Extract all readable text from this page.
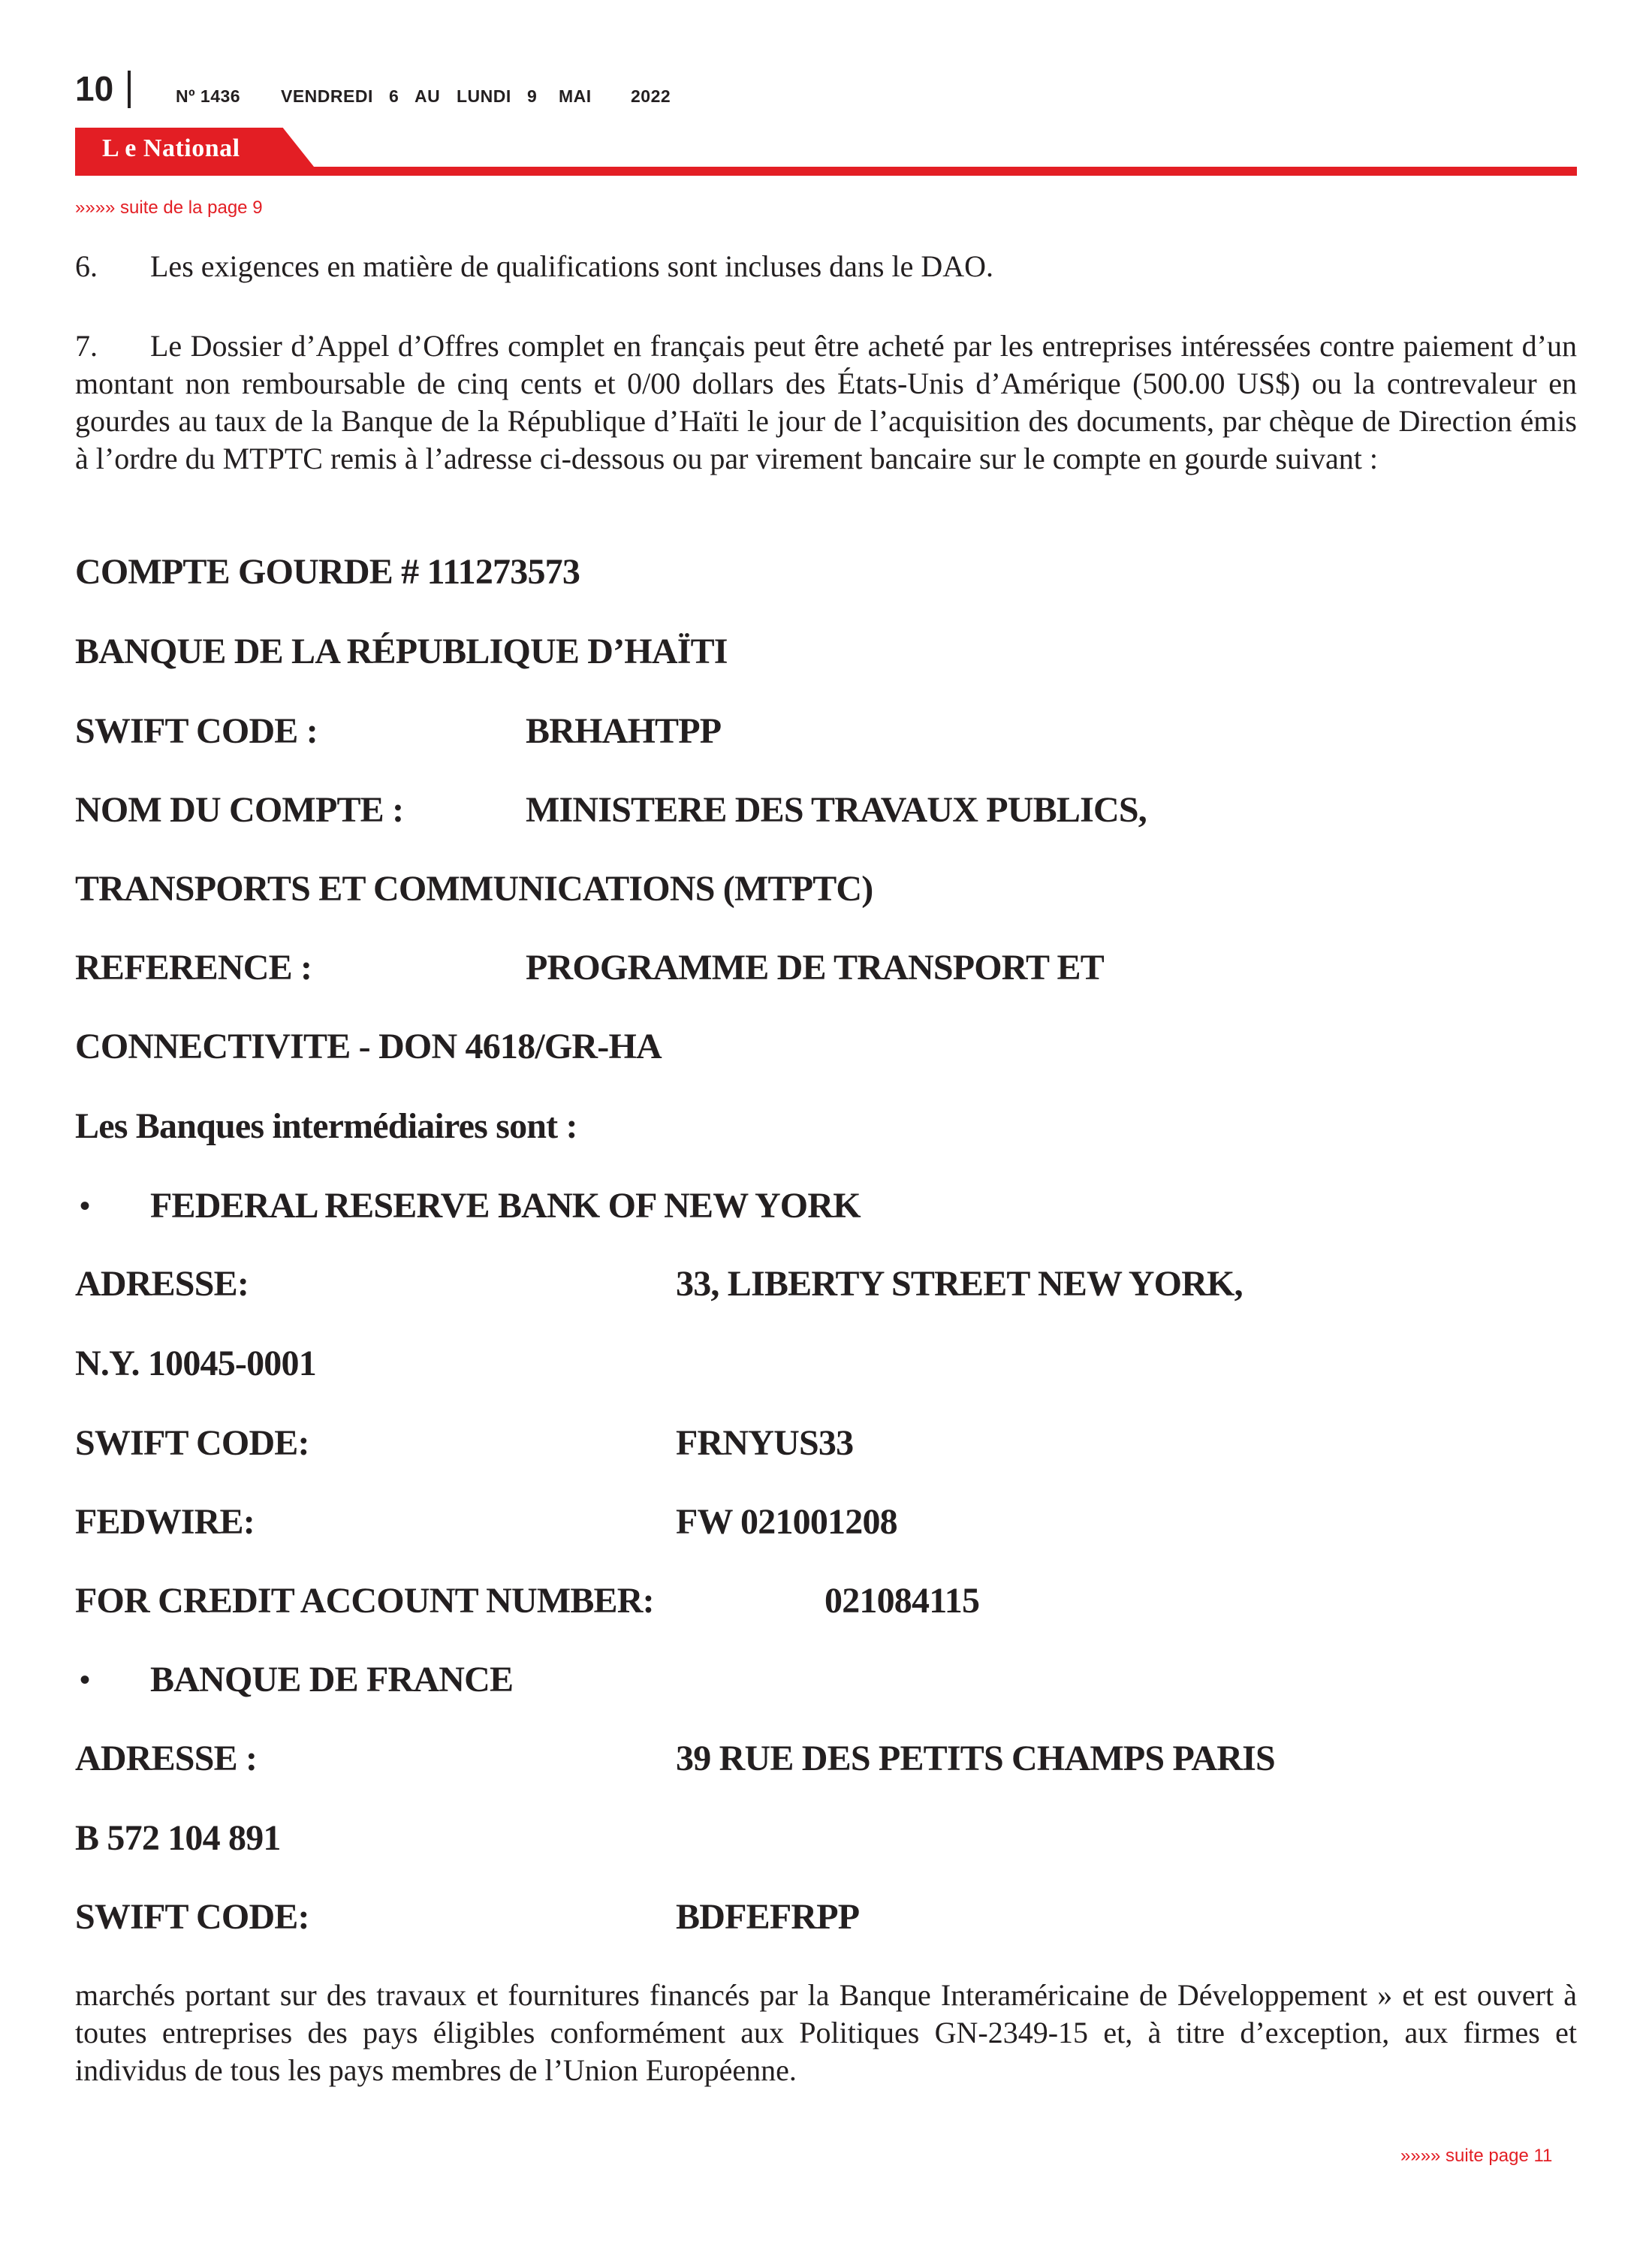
10	Nº 1436 VENDREDI 6 AU LUNDI 9 MAI 2022
L e National
»»»» suite de la page 9
6. Les exigences en matière de qualifications sont incluses dans le DAO.
7. Le Dossier d’Appel d’Offres complet en français peut être acheté par les entreprises intéressées contre paiement d’un montant non remboursable de cinq cents et 0/00 dollars des États-Unis d’Amérique (500.00 US$) ou la contrevaleur en gourdes au taux de la Banque de la République d’Haïti le jour de l’acquisition des documents, par chèque de Direction émis à l’ordre du MTPTC remis à l’adresse ci-dessous ou par virement bancaire sur le compte en gourde suivant :
COMPTE GOURDE # 111273573
BANQUE DE LA RÉPUBLIQUE D’HAÏTI
SWIFT CODE :	BRHAHTPP
NOM DU COMPTE :	MINISTERE DES TRAVAUX PUBLICS,
TRANSPORTS ET COMMUNICATIONS (MTPTC)
REFERENCE :	PROGRAMME DE TRANSPORT ET
CONNECTIVITE - DON 4618/GR-HA
Les Banques intermédiaires sont :
• FEDERAL RESERVE BANK OF NEW YORK
ADRESSE:	33, LIBERTY STREET NEW YORK,
N.Y. 10045-0001
SWIFT CODE:	FRNYUS33
FEDWIRE:	FW 021001208
FOR CREDIT ACCOUNT NUMBER:	021084115
• BANQUE DE FRANCE
ADRESSE :	39 RUE DES PETITS CHAMPS PARIS
B 572 104 891
SWIFT CODE:	BDFEFRPP
marchés portant sur des travaux et fournitures financés par la Banque Interaméricaine de Développement » et est ouvert à toutes entreprises des pays éligibles conformément aux Politiques GN-2349-15 et, à titre d’exception, aux firmes et individus de tous les pays membres de l’Union Européenne.
»»»» suite page 11
